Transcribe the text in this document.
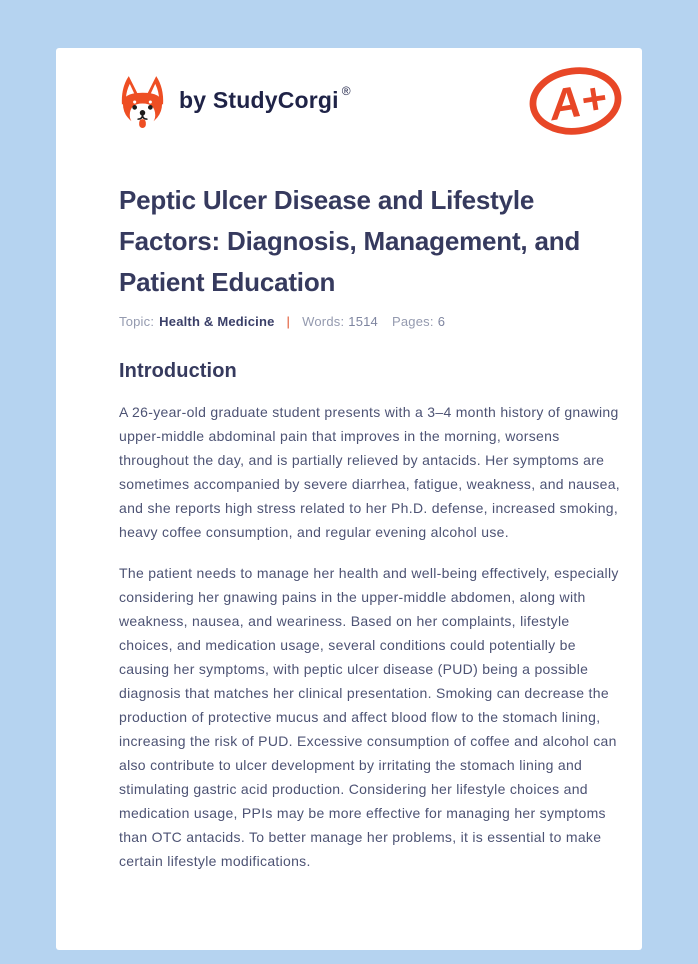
by StudyCorgi ®	A+
Peptic Ulcer Disease and Lifestyle Factors: Diagnosis, Management, and Patient Education
Topic: Health & Medicine | Words: 1514 Pages: 6
Introduction

A 26-year-old graduate student presents with a 3–4 month history of gnawing upper-middle abdominal pain that improves in the morning, worsens throughout the day, and is partially relieved by antacids. Her symptoms are sometimes accompanied by severe diarrhea, fatigue, weakness, and nausea, and she reports high stress related to her Ph.D. defense, increased smoking, heavy coffee consumption, and regular evening alcohol use.

The patient needs to manage her health and well-being effectively, especially considering her gnawing pains in the upper-middle abdomen, along with weakness, nausea, and weariness. Based on her complaints, lifestyle choices, and medication usage, several conditions could potentially be causing her symptoms, with peptic ulcer disease (PUD) being a possible diagnosis that matches her clinical presentation. Smoking can decrease the production of protective mucus and affect blood flow to the stomach lining, increasing the risk of PUD. Excessive consumption of coffee and alcohol can also contribute to ulcer development by irritating the stomach lining and stimulating gastric acid production. Considering her lifestyle choices and medication usage, PPIs may be more effective for managing her symptoms than OTC antacids. To better manage her problems, it is essential to make certain lifestyle modifications.
